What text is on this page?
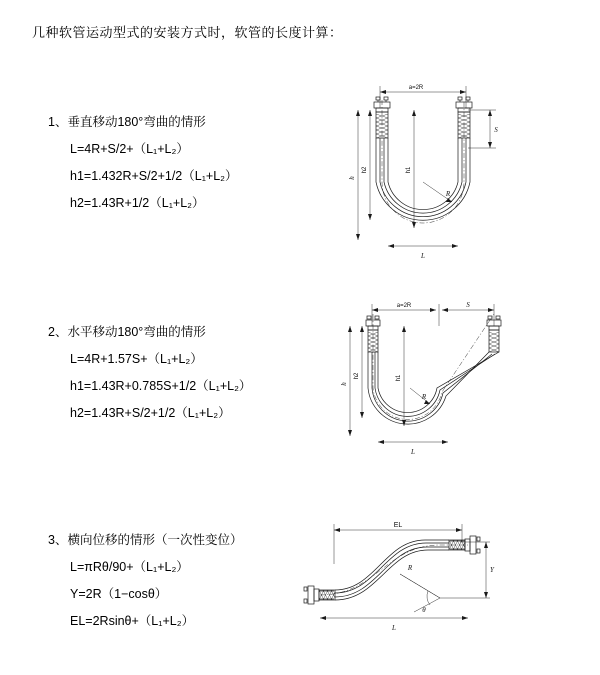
几种软管运动型式的安装方式时，软管的长度计算：
1、垂直移动180°弯曲的情形
L=4R+S/2+（L₁+L₂）
h1=1.432R+S/2+1/2（L₁+L₂）
h2=1.43R+1/2（L₁+L₂）
a=2R
h
h2
S
R
L
h1
2、水平移动180°弯曲的情形
L=4R+1.57S+（L₁+L₂）
h1=1.43R+0.785S+1/2（L₁+L₂）
h2=1.43R+S/2+1/2（L₁+L₂）
a=2R	S
h
h2	h1
R
L
3、横向位移的情形（一次性变位）
L=πRθ/90+（L₁+L₂）
Y=2R（1−cosθ）
EL=2Rsinθ+（L₁+L₂）
EL
Y
θ
R
L
